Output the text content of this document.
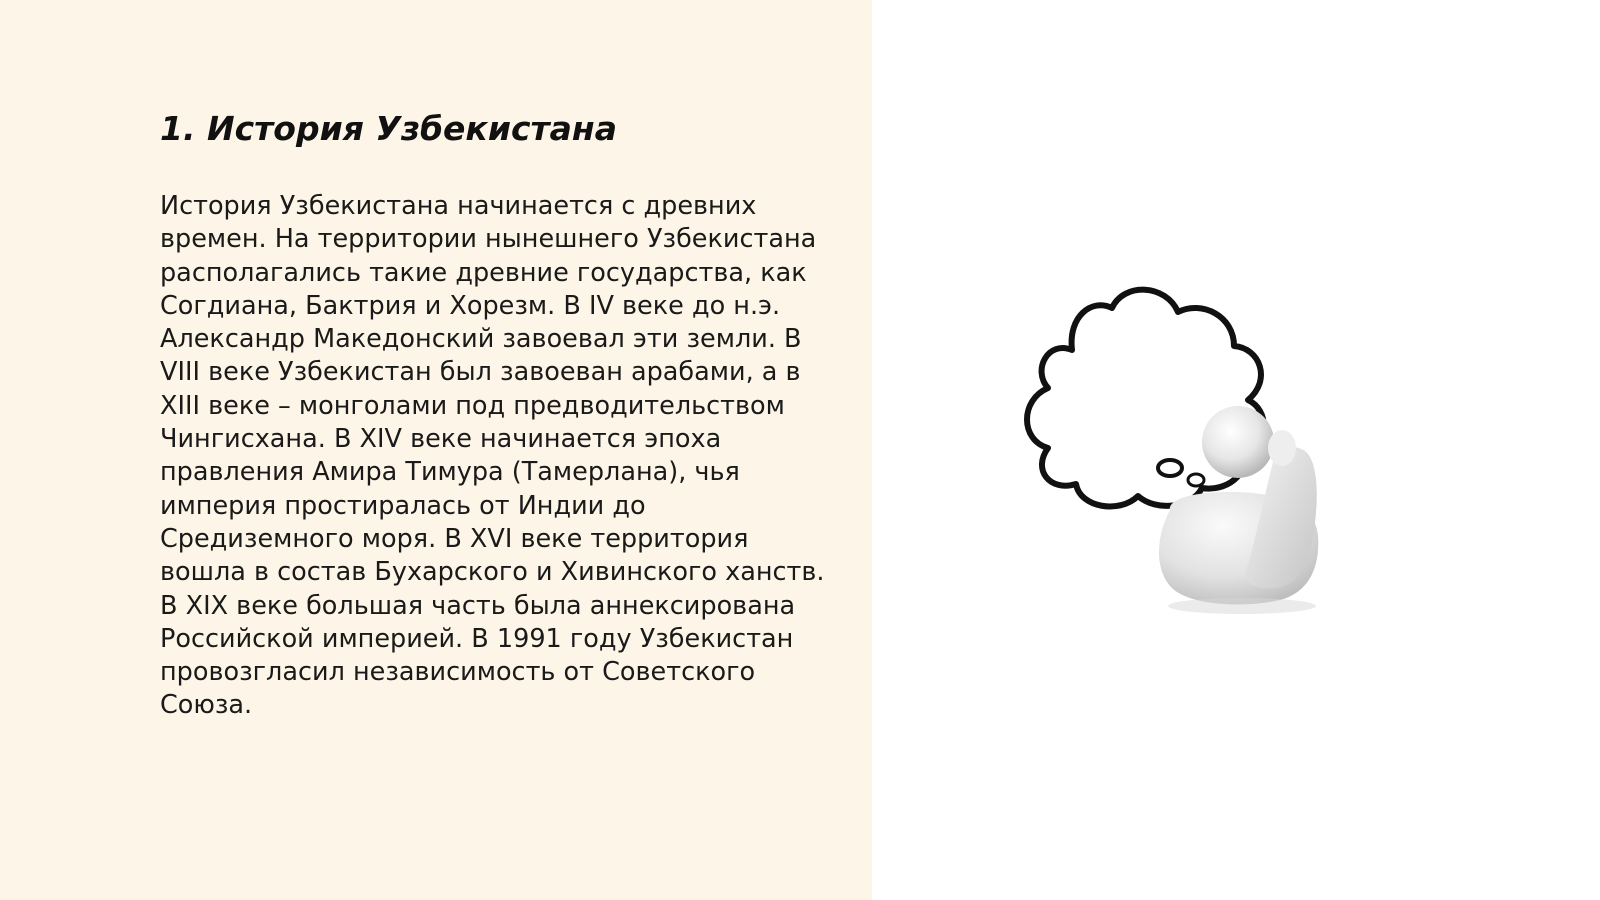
1. История Узбекистана

История Узбекистана начинается с древних
времен. На территории нынешнего Узбекистана
располагались такие древние государства, как
Согдиана, Бактрия и Хорезм. В IV веке до н.э.
Александр Македонский завоевал эти земли. В
VIII веке Узбекистан был завоеван арабами, а в
XIII веке – монголами под предводительством
Чингисхана. В XIV веке начинается эпоха
правления Амира Тимура (Тамерлана), чья
империя простиралась от Индии до
Средиземного моря. В XVI веке территория
вошла в состав Бухарского и Хивинского ханств.
В XIX веке большая часть была аннексирована
Российской империей. В 1991 году Узбекистан
провозгласил независимость от Советского
Союза.
